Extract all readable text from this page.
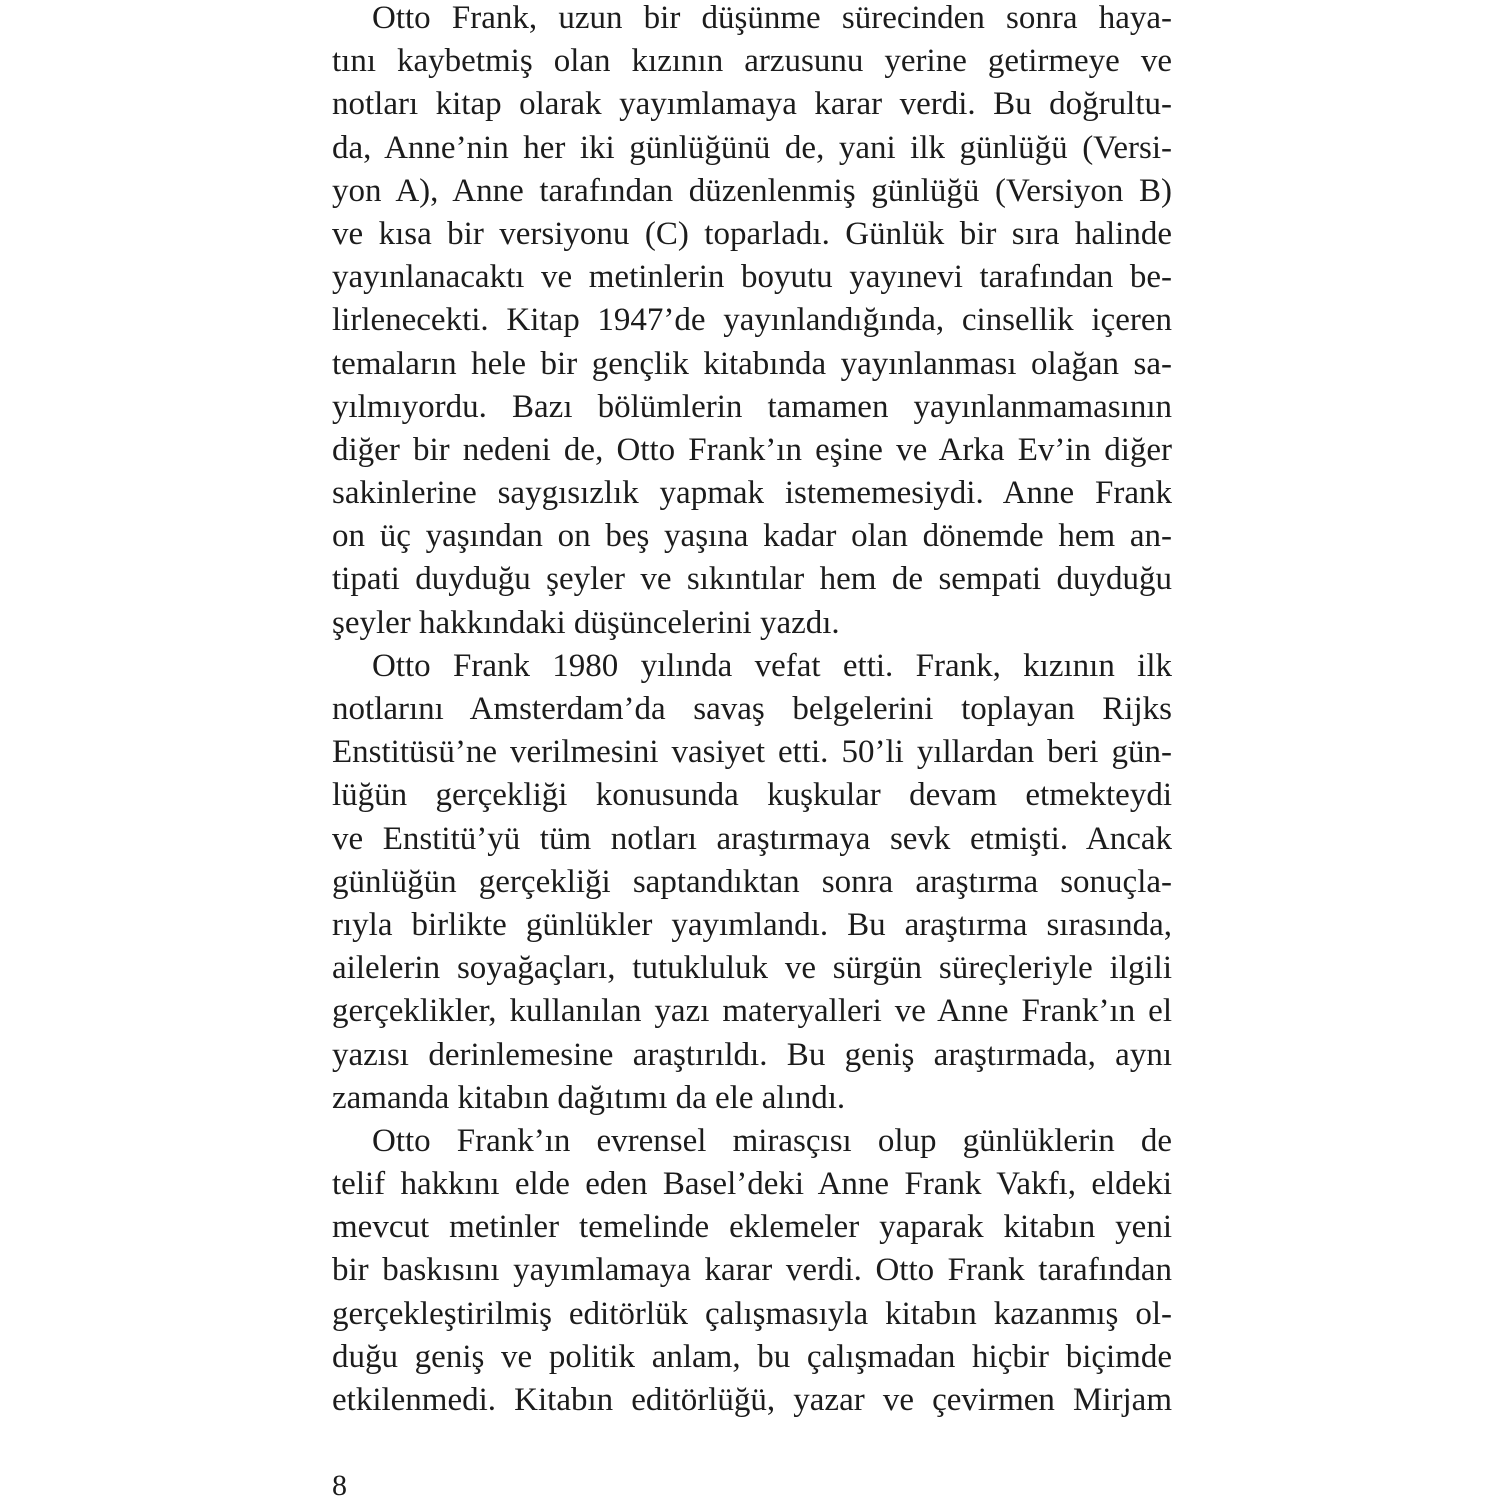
Otto Frank, uzun bir düşünme sürecinden sonra haya-
tını kaybetmiş olan kızının arzusunu yerine getirmeye ve
notları kitap olarak yayımlamaya karar verdi. Bu doğrultu-
da, Anne’nin her iki günlüğünü de, yani ilk günlüğü (Versi-
yon A), Anne tarafından düzenlenmiş günlüğü (Versiyon B)
ve kısa bir versiyonu (C) toparladı. Günlük bir sıra halinde
yayınlanacaktı ve metinlerin boyutu yayınevi tarafından be-
lirlenecekti. Kitap 1947’de yayınlandığında, cinsellik içeren
temaların hele bir gençlik kitabında yayınlanması olağan sa-
yılmıyordu. Bazı bölümlerin tamamen yayınlanmamasının
diğer bir nedeni de, Otto Frank’ın eşine ve Arka Ev’in diğer
sakinlerine saygısızlık yapmak istememesiydi. Anne Frank
on üç yaşından on beş yaşına kadar olan dönemde hem an-
tipati duyduğu şeyler ve sıkıntılar hem de sempati duyduğu
şeyler hakkındaki düşüncelerini yazdı.
Otto Frank 1980 yılında vefat etti. Frank, kızının ilk
notlarını Amsterdam’da savaş belgelerini toplayan Rijks
Enstitüsü’ne verilmesini vasiyet etti. 50’li yıllardan beri gün-
lüğün gerçekliği konusunda kuşkular devam etmekteydi
ve Enstitü’yü tüm notları araştırmaya sevk etmişti. Ancak
günlüğün gerçekliği saptandıktan sonra araştırma sonuçla-
rıyla birlikte günlükler yayımlandı. Bu araştırma sırasında,
ailelerin soyağaçları, tutukluluk ve sürgün süreçleriyle ilgili
gerçeklikler, kullanılan yazı materyalleri ve Anne Frank’ın el
yazısı derinlemesine araştırıldı. Bu geniş araştırmada, aynı
zamanda kitabın dağıtımı da ele alındı.
Otto Frank’ın evrensel mirasçısı olup günlüklerin de
telif hakkını elde eden Basel’deki Anne Frank Vakfı, eldeki
mevcut metinler temelinde eklemeler yaparak kitabın yeni
bir baskısını yayımlamaya karar verdi. Otto Frank tarafından
gerçekleştirilmiş editörlük çalışmasıyla kitabın kazanmış ol-
duğu geniş ve politik anlam, bu çalışmadan hiçbir biçimde
etkilenmedi. Kitabın editörlüğü, yazar ve çevirmen Mirjam
8
